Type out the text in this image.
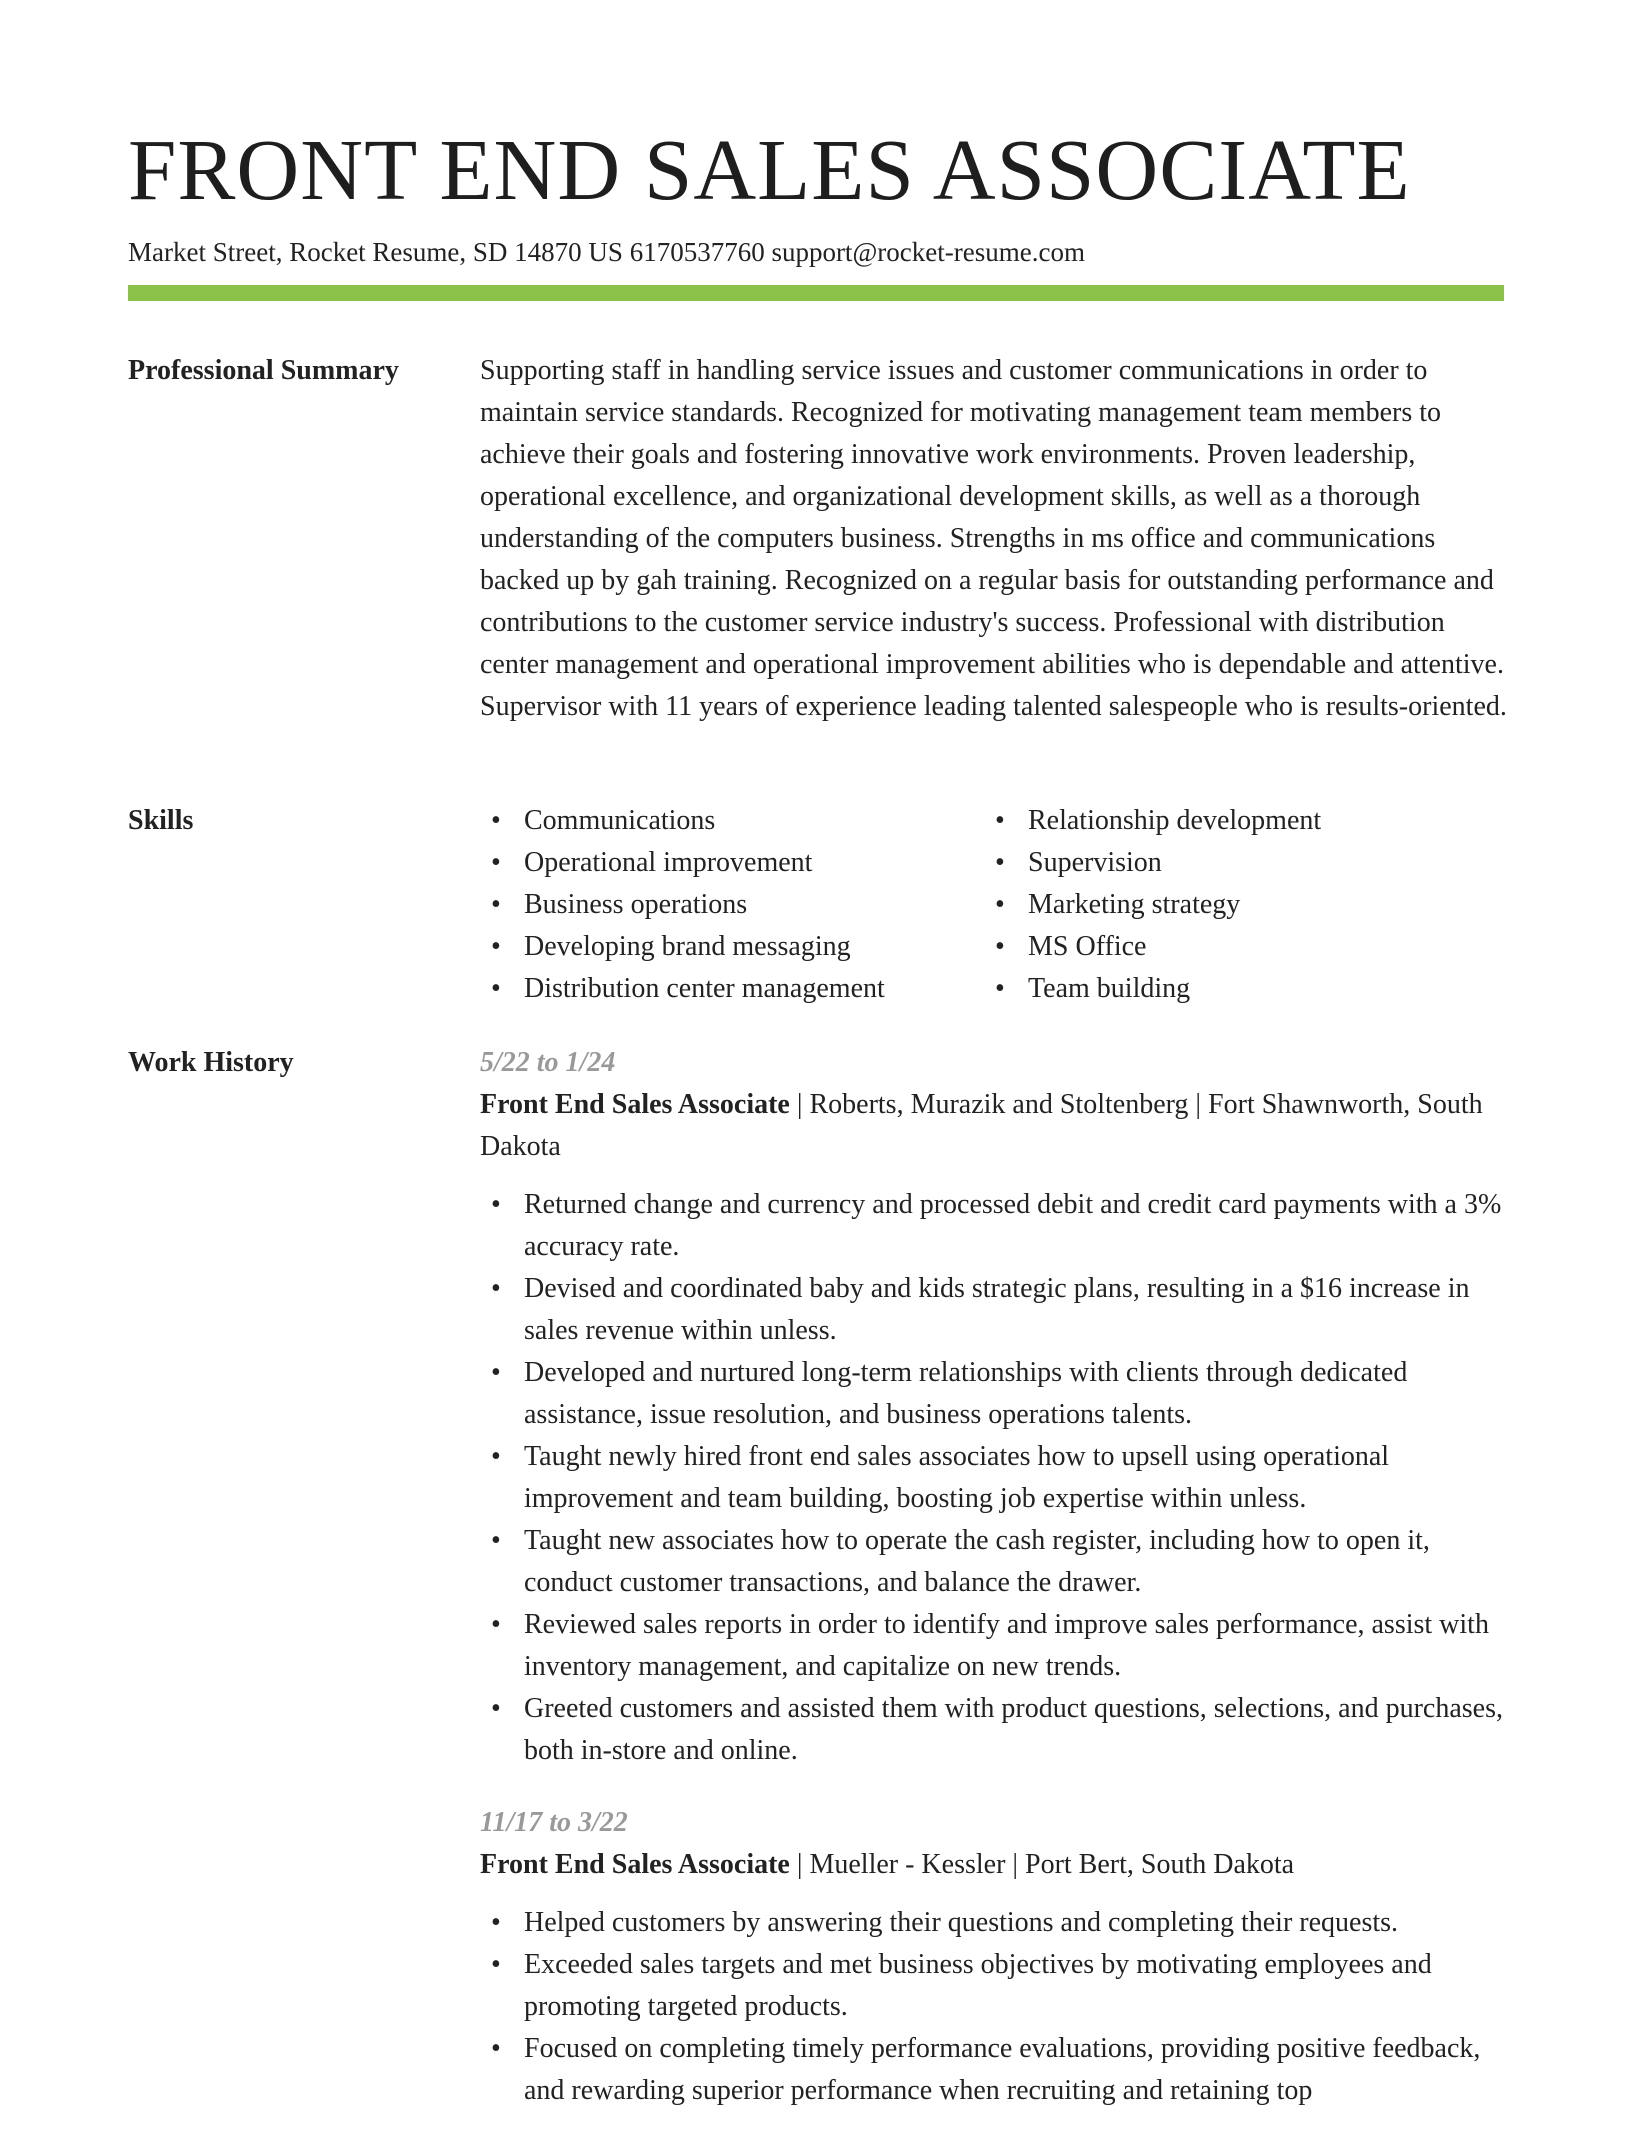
FRONT END SALES ASSOCIATE
Market Street, Rocket Resume, SD 14870 US 6170537760 support@rocket-resume.com
Professional Summary	Supporting staff in handling service issues and customer communications in order to maintain service standards. Recognized for motivating management team members to achieve their goals and fostering innovative work environments. Proven leadership, operational excellence, and organizational development skills, as well as a thorough understanding of the computers business. Strengths in ms office and communications backed up by gah training. Recognized on a regular basis for outstanding performance and contributions to the customer service industry's success. Professional with distribution center management and operational improvement abilities who is dependable and attentive. Supervisor with 11 years of experience leading talented salespeople who is results-oriented.

Skills
•	Communications
• Operational improvement
• Business operations
• Developing brand messaging
• Distribution center management
• Relationship development
• Supervision
• Marketing strategy
• MS Office
• Team building
Work History	5/22 to 1/24
Front End Sales Associate | Roberts, Murazik and Stoltenberg | Fort Shawnworth, South Dakota
• Returned change and currency and processed debit and credit card payments with a 3% accuracy rate.
• Devised and coordinated baby and kids strategic plans, resulting in a $16 increase in sales revenue within unless.
• Developed and nurtured long-term relationships with clients through dedicated assistance, issue resolution, and business operations talents.
• Taught newly hired front end sales associates how to upsell using operational improvement and team building, boosting job expertise within unless.
• Taught new associates how to operate the cash register, including how to open it, conduct customer transactions, and balance the drawer.
• Reviewed sales reports in order to identify and improve sales performance, assist with inventory management, and capitalize on new trends.
• Greeted customers and assisted them with product questions, selections, and purchases, both in-store and online.
11/17 to 3/22
Front End Sales Associate | Mueller - Kessler | Port Bert, South Dakota
• Helped customers by answering their questions and completing their requests.
• Exceeded sales targets and met business objectives by motivating employees and promoting targeted products.
• Focused on completing timely performance evaluations, providing positive feedback, and rewarding superior performance when recruiting and retaining top
